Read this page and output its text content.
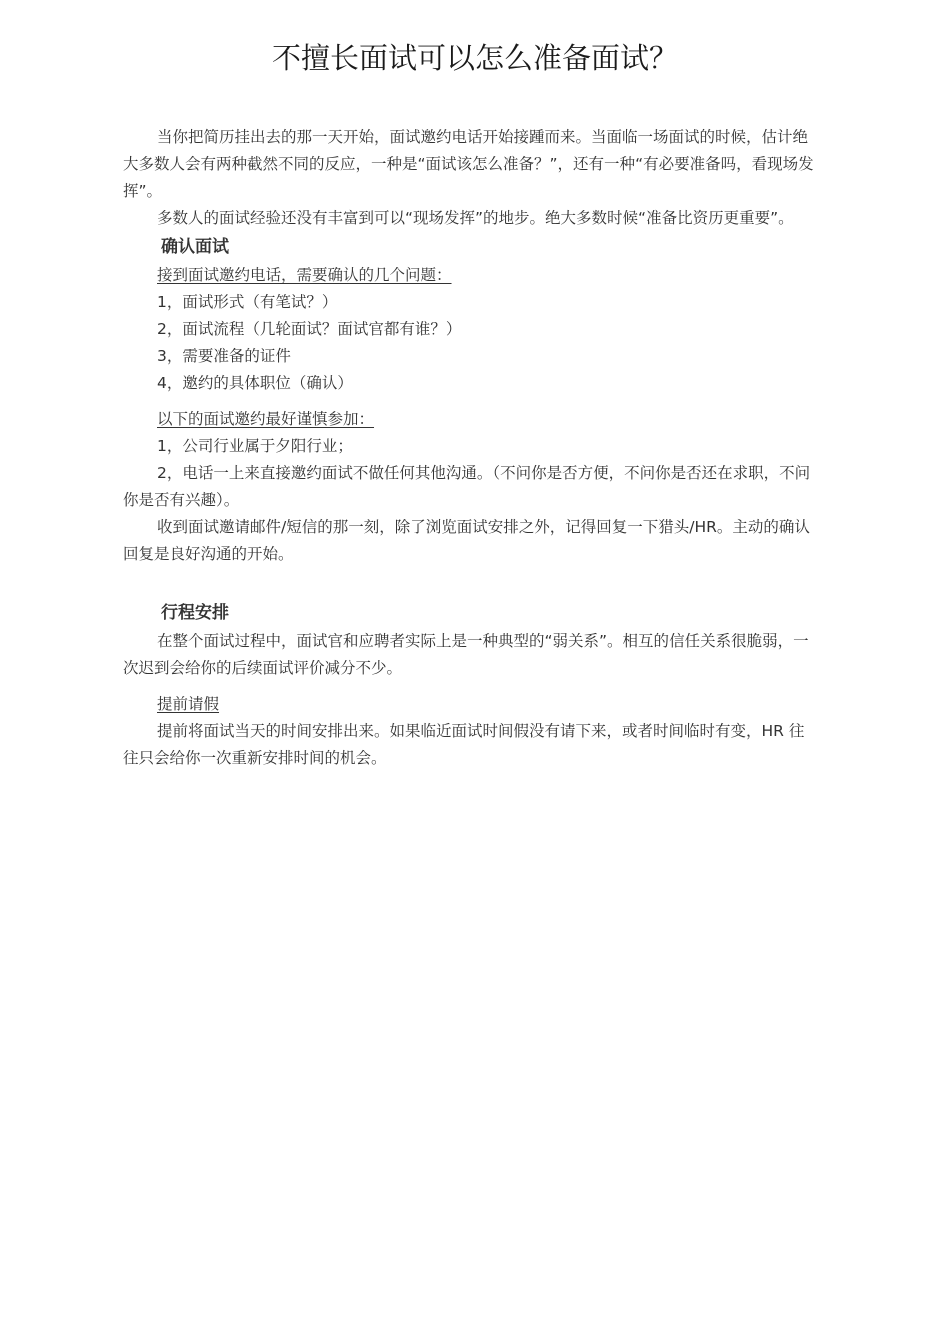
不擅长面试可以怎么准备面试？

当你把简历挂出去的那一天开始，面试邀约电话开始接踵而来。当面临一场面试的时候，估计绝大多数人会有两种截然不同的反应，一种是“面试该怎么准备？”，还有一种“有必要准备吗，看现场发挥”。

多数人的面试经验还没有丰富到可以“现场发挥”的地步。绝大多数时候“准备比资历更重要”。

确认面试

接到面试邀约电话，需要确认的几个问题：

1，面试形式（有笔试？）

2，面试流程（几轮面试？面试官都有谁？）

3，需要准备的证件

4，邀约的具体职位（确认）

以下的面试邀约最好谨慎参加：

1，公司行业属于夕阳行业；

2，电话一上来直接邀约面试不做任何其他沟通。（不问你是否方便，不问你是否还在求职，不问你是否有兴趣）。

收到面试邀请邮件/短信的那一刻，除了浏览面试安排之外，记得回复一下猎头/HR。主动的确认回复是良好沟通的开始。

行程安排

在整个面试过程中，面试官和应聘者实际上是一种典型的“弱关系”。相互的信任关系很脆弱，一次迟到会给你的后续面试评价减分不少。

提前请假

提前将面试当天的时间安排出来。如果临近面试时间假没有请下来，或者时间临时有变，HR 往往只会给你一次重新安排时间的机会。
